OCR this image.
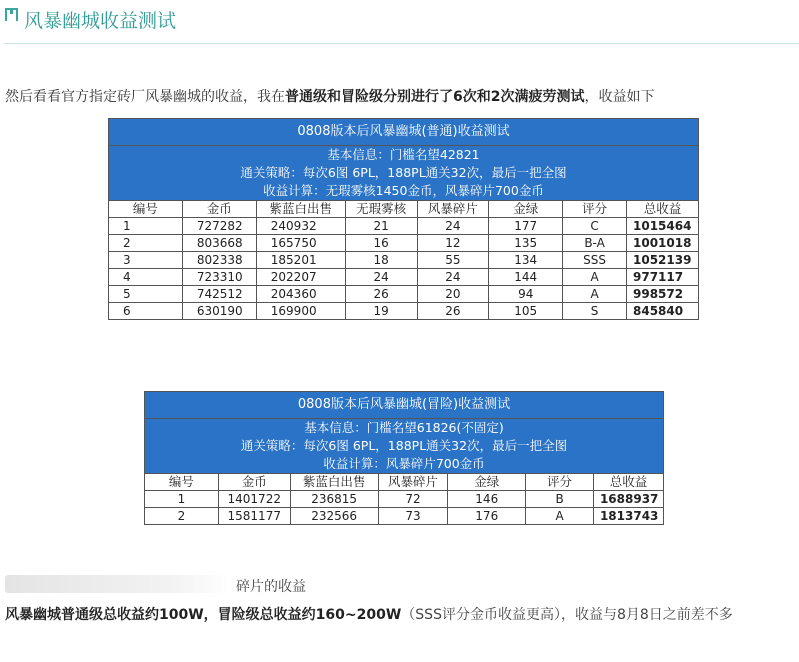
风暴幽城收益测试
然后看看官方指定砖厂风暴幽城的收益，我在普通级和冒险级分别进行了6次和2次满疲劳测试，收益如下
0808版本后风暴幽城(普通)收益测试							
基本信息：门槛名望42821							
通关策略：每次6图 6PL，188PL通关32次，最后一把全图							
收益计算：无瑕雾核1450金币，风暴碎片700金币							
编号	金币	紫蓝白出售	无瑕雾核	风暴碎片	金绿	评分	总收益
1	727282	240932	21	24	177	C	1015464
2	803668	165750	16	12	135	B-A	1001018
3	802338	185201	18	55	134	SSS	1052139
4	723310	202207	24	24	144	A	977117
5	742512	204360	26	20	94	A	998572
6	630190	169900	19	26	105	S	845840
0808版本后风暴幽城(冒险)收益测试						
基本信息：门槛名望61826(不固定)						
通关策略：每次6图 6PL，188PL通关32次，最后一把全图						
收益计算：风暴碎片700金币						
编号	金币	紫蓝白出售	风暴碎片	金绿	评分	总收益
1	1401722	236815	72	146	B	1688937
2	1581177	232566	73	176	A	1813743
碎片的收益
风暴幽城普通级总收益约100W，冒险级总收益约160~200W（SSS评分金币收益更高），收益与8月8日之前差不多
